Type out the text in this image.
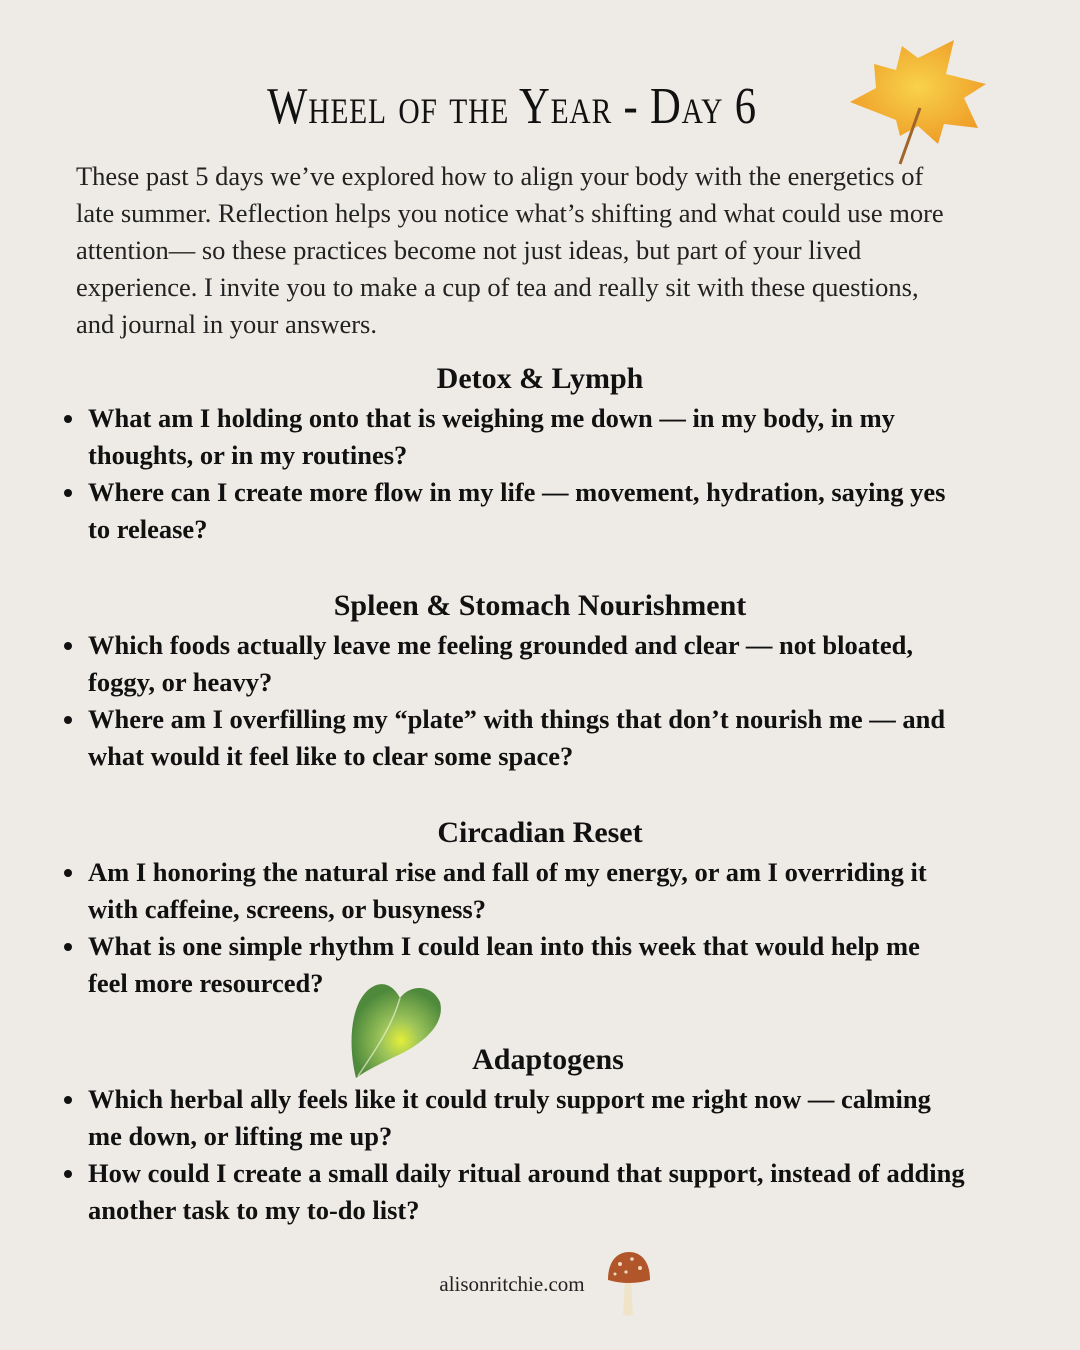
Wheel of the Year - Day 6
These past 5 days we’ve explored how to align your body with the energetics of
late summer. Reflection helps you notice what’s shifting and what could use more
attention— so these practices become not just ideas, but part of your lived
experience. I invite you to make a cup of tea and really sit with these questions,
and journal in your answers.
Detox & Lymph
What am I holding onto that is weighing me down — in my body, in my
thoughts, or in my routines?
Where can I create more flow in my life — movement, hydration, saying yes
to release?
Spleen & Stomach Nourishment
Which foods actually leave me feeling grounded and clear — not bloated,
foggy, or heavy?
Where am I overfilling my “plate” with things that don’t nourish me — and
what would it feel like to clear some space?
Circadian Reset
Am I honoring the natural rise and fall of my energy, or am I overriding it
with caffeine, screens, or busyness?
What is one simple rhythm I could lean into this week that would help me
feel more resourced?
Adaptogens
Which herbal ally feels like it could truly support me right now — calming
me down, or lifting me up?
How could I create a small daily ritual around that support, instead of adding
another task to my to-do list?
alisonritchie.com
